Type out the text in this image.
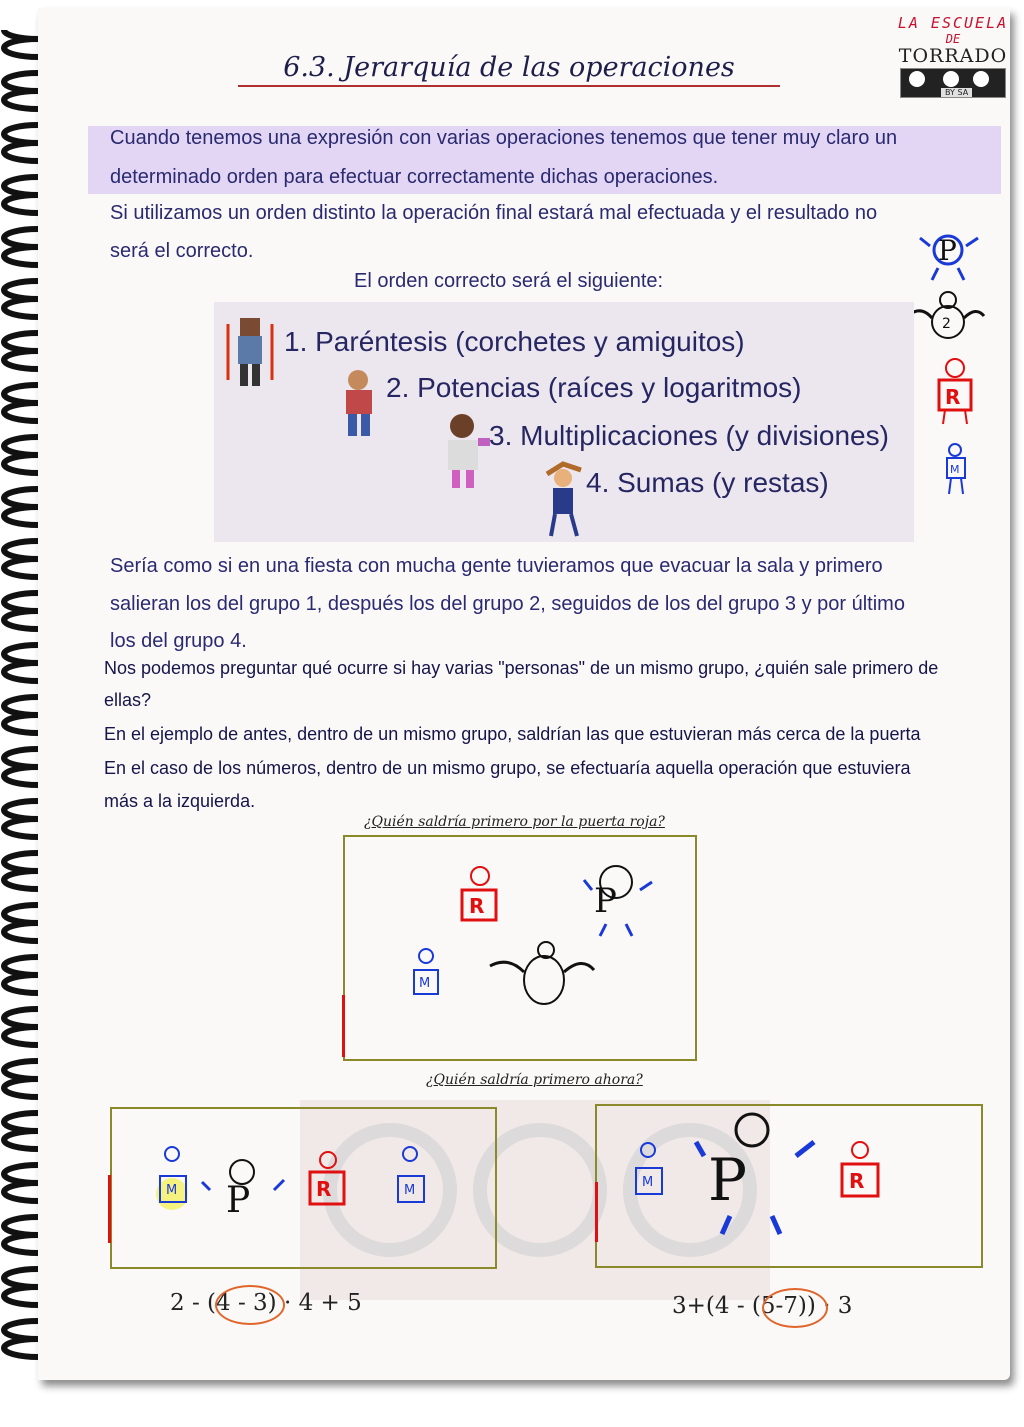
6.3. Jerarquía de las operaciones
LA ESCUELA
DE
TORRADO
BY SA
Cuando tenemos una expresión con varias operaciones tenemos que tener muy claro un
determinado orden para efectuar correctamente dichas operaciones.
Si utilizamos un orden distinto la operación final estará mal efectuada y el resultado no
será el correcto.
El orden correcto será el siguiente:
P
2
R
M
1. Paréntesis (corchetes y amiguitos)
2. Potencias (raíces y logaritmos)
3. Multiplicaciones (y divisiones)
4. Sumas (y restas)
Sería como si en una fiesta con mucha gente tuvieramos que evacuar la sala y primero
salieran los del grupo 1, después los del grupo 2, seguidos de los del grupo 3 y por último
los del grupo 4.
Nos podemos preguntar qué ocurre si hay varias "personas" de un mismo grupo, ¿quién sale primero de
ellas?
En el ejemplo de antes, dentro de un mismo grupo, saldrían las que estuvieran más cerca de la puerta
En el caso de los números, dentro de un mismo grupo, se efectuaría aquella operación que estuviera
más a la izquierda.
¿Quién saldría primero por la puerta roja?
R	P
M
¿Quién saldría primero ahora?
M P	R	M
M P	R
2 - (4 - 3) · 4 + 5	3+(4 - (5-7)) · 3
